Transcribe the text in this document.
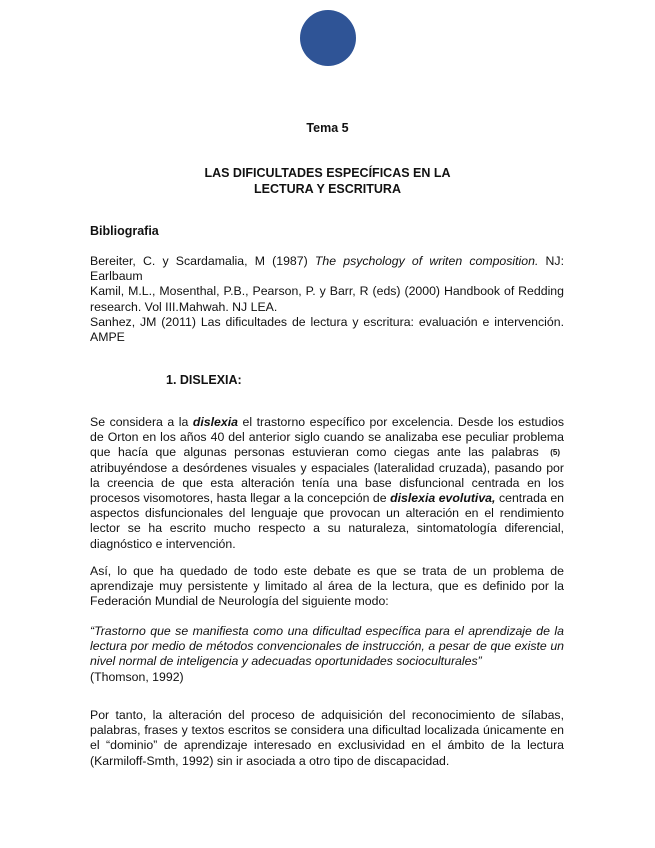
Tema 5
LAS DIFICULTADES ESPECÍFICAS EN LA
LECTURA Y ESCRITURA
Bibliografia

Bereiter, C. y Scardamalia, M (1987) The psychology of writen composition. NJ: Earlbaum

Kamil, M.L., Mosenthal, P.B., Pearson, P. y Barr, R (eds) (2000) Handbook of Redding research. Vol III.Mahwah. NJ LEA.

Sanhez, JM (2011) Las dificultades de lectura y escritura: evaluación e intervención. AMPE

1. DISLEXIA:

Se considera a la dislexia el trastorno específico por excelencia. Desde los estudios de Orton en los años 40 del anterior siglo cuando se analizaba ese peculiar problema que hacía que algunas personas estuvieran como ciegas ante las palabras (5) atribuyéndose a desórdenes visuales y espaciales (lateralidad cruzada), pasando por la creencia de que esta alteración tenía una base disfuncional centrada en los procesos visomotores, hasta llegar a la concepción de dislexia evolutiva, centrada en aspectos disfuncionales del lenguaje que provocan un alteración en el rendimiento lector se ha escrito mucho respecto a su naturaleza, sintomatología diferencial, diagnóstico e intervención.

Así, lo que ha quedado de todo este debate es que se trata de un problema de aprendizaje muy persistente y limitado al área de la lectura, que es definido por la Federación Mundial de Neurología del siguiente modo:

“Trastorno que se manifiesta como una dificultad específica para el aprendizaje de la lectura por medio de métodos convencionales de instrucción, a pesar de que existe un nivel normal de inteligencia y adecuadas oportunidades socioculturales”

(Thomson, 1992)

Por tanto, la alteración del proceso de adquisición del reconocimiento de sílabas, palabras, frases y textos escritos se considera una dificultad localizada únicamente en el “dominio” de aprendizaje interesado en exclusividad en el ámbito de la lectura (Karmiloff-Smth, 1992) sin ir asociada a otro tipo de discapacidad.
